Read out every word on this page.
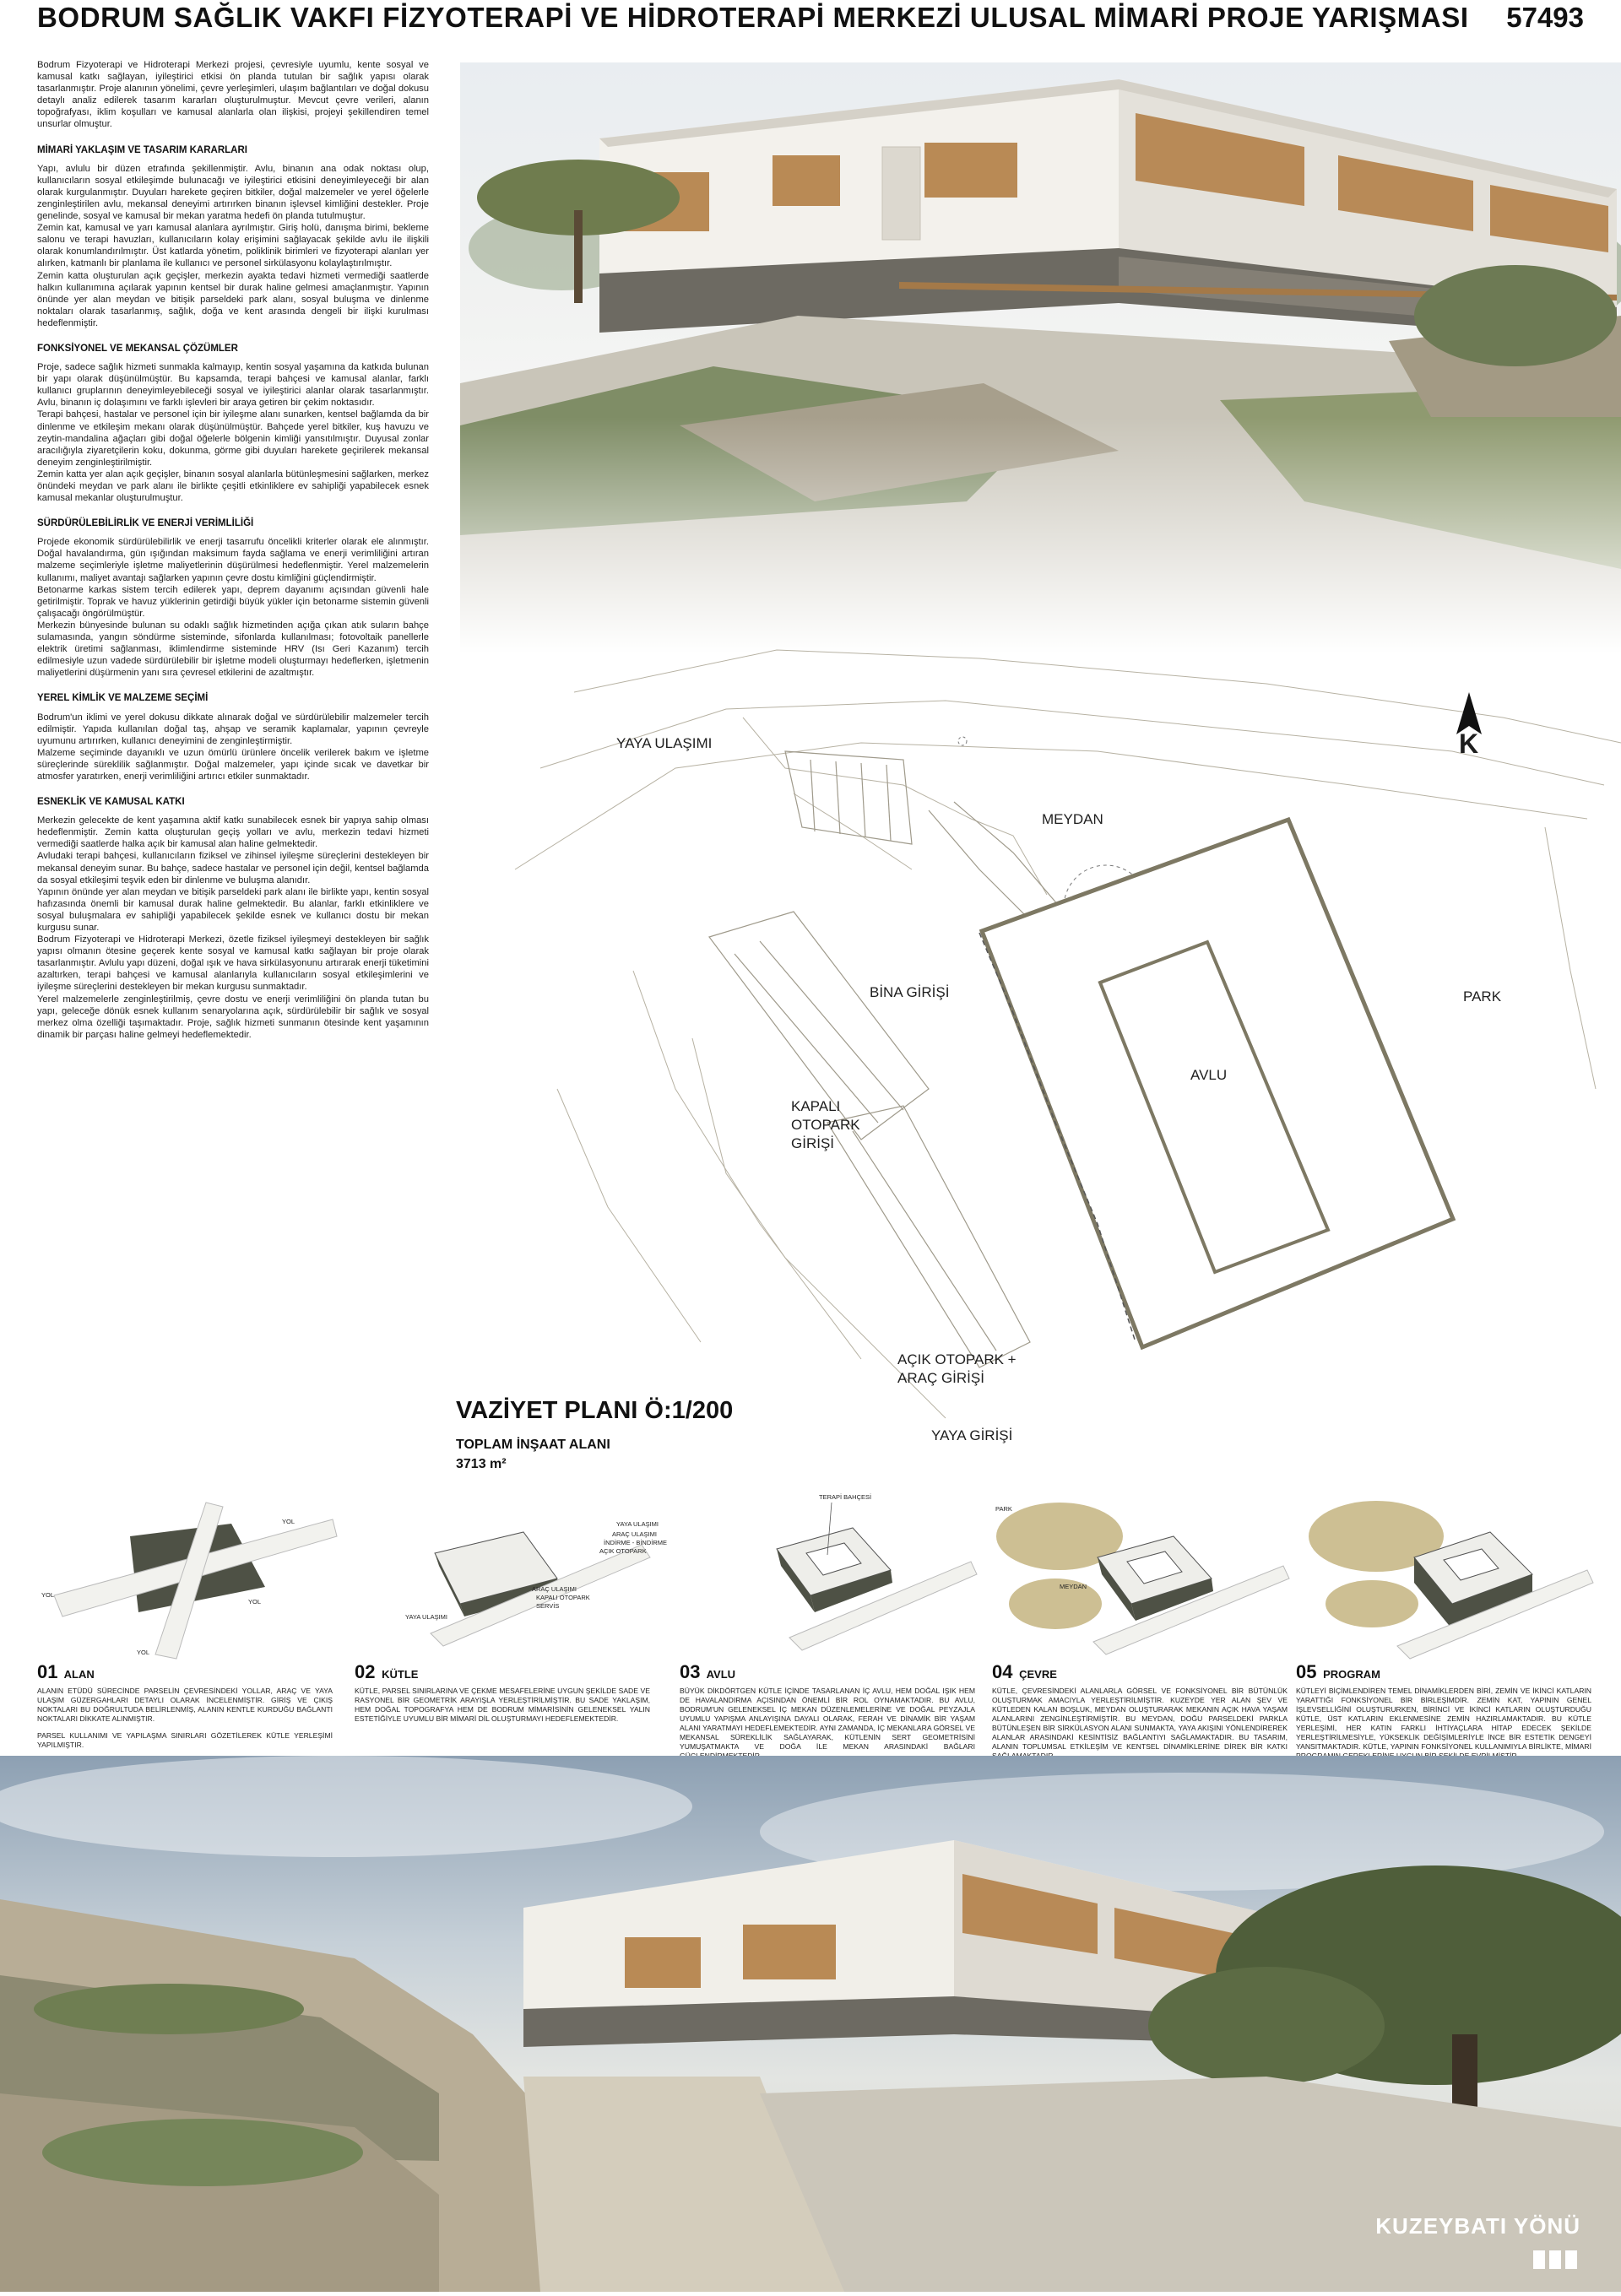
BODRUM SAĞLIK VAKFI FİZYOTERAPİ VE HİDROTERAPİ MERKEZİ ULUSAL MİMARİ PROJE YARIŞMASI 57493

Bodrum Fizyoterapi ve Hidroterapi Merkezi projesi, çevresiyle uyumlu, kente sosyal ve kamusal katkı sağlayan, iyileştirici etkisi ön planda tutulan bir sağlık yapısı olarak tasarlanmıştır. Proje alanının yönelimi, çevre yerleşimleri, ulaşım bağlantıları ve doğal dokusu detaylı analiz edilerek tasarım kararları oluşturulmuştur. Mevcut çevre verileri, alanın topoğrafyası, iklim koşulları ve kamusal alanlarla olan ilişkisi, projeyi şekillendiren temel unsurlar olmuştur.

MİMARİ YAKLAŞIM VE TASARIM KARARLARI

Yapı, avlulu bir düzen etrafında şekillenmiştir. Avlu, binanın ana odak noktası olup, kullanıcıların sosyal etkileşimde bulunacağı ve iyileştirici etkisini deneyimleyeceği bir alan olarak kurgulanmıştır. Duyuları harekete geçiren bitkiler, doğal malzemeler ve yerel öğelerle zenginleştirilen avlu, mekansal deneyimi artırırken binanın işlevsel kimliğini destekler. Proje genelinde, sosyal ve kamusal bir mekan yaratma hedefi ön planda tutulmuştur.

Zemin kat, kamusal ve yarı kamusal alanlara ayrılmıştır. Giriş holü, danışma birimi, bekleme salonu ve terapi havuzları, kullanıcıların kolay erişimini sağlayacak şekilde avlu ile ilişkili olarak konumlandırılmıştır. Üst katlarda yönetim, poliklinik birimleri ve fizyoterapi alanları yer alırken, katmanlı bir planlama ile kullanıcı ve personel sirkülasyonu kolaylaştırılmıştır.

Zemin katta oluşturulan açık geçişler, merkezin ayakta tedavi hizmeti vermediği saatlerde halkın kullanımına açılarak yapının kentsel bir durak haline gelmesi amaçlanmıştır. Yapının önünde yer alan meydan ve bitişik parseldeki park alanı, sosyal buluşma ve dinlenme noktaları olarak tasarlanmış, sağlık, doğa ve kent arasında dengeli bir ilişki kurulması hedeflenmiştir.

FONKSİYONEL VE MEKANSAL ÇÖZÜMLER

Proje, sadece sağlık hizmeti sunmakla kalmayıp, kentin sosyal yaşamına da katkıda bulunan bir yapı olarak düşünülmüştür. Bu kapsamda, terapi bahçesi ve kamusal alanlar, farklı kullanıcı gruplarının deneyimleyebileceği sosyal ve iyileştirici alanlar olarak tasarlanmıştır. Avlu, binanın iç dolaşımını ve farklı işlevleri bir araya getiren bir çekim noktasıdır.

Terapi bahçesi, hastalar ve personel için bir iyileşme alanı sunarken, kentsel bağlamda da bir dinlenme ve etkileşim mekanı olarak düşünülmüştür. Bahçede yerel bitkiler, kuş havuzu ve zeytin-mandalina ağaçları gibi doğal öğelerle bölgenin kimliği yansıtılmıştır. Duyusal zonlar aracılığıyla ziyaretçilerin koku, dokunma, görme gibi duyuları harekete geçirilerek mekansal deneyim zenginleştirilmiştir.

Zemin katta yer alan açık geçişler, binanın sosyal alanlarla bütünleşmesini sağlarken, merkez önündeki meydan ve park alanı ile birlikte çeşitli etkinliklere ev sahipliği yapabilecek esnek kamusal mekanlar oluşturulmuştur.

SÜRDÜRÜLEBİLİRLİK VE ENERJİ VERİMLİLİĞİ

Projede ekonomik sürdürülebilirlik ve enerji tasarrufu öncelikli kriterler olarak ele alınmıştır. Doğal havalandırma, gün ışığından maksimum fayda sağlama ve enerji verimliliğini artıran malzeme seçimleriyle işletme maliyetlerinin düşürülmesi hedeflenmiştir. Yerel malzemelerin kullanımı, maliyet avantajı sağlarken yapının çevre dostu kimliğini güçlendirmiştir.

Betonarme karkas sistem tercih edilerek yapı, deprem dayanımı açısından güvenli hale getirilmiştir. Toprak ve havuz yüklerinin getirdiği büyük yükler için betonarme sistemin güvenli çalışacağı öngörülmüştür.

Merkezin bünyesinde bulunan su odaklı sağlık hizmetinden açığa çıkan atık suların bahçe sulamasında, yangın söndürme sisteminde, sifonlarda kullanılması; fotovoltaik panellerle elektrik üretimi sağlanması, iklimlendirme sisteminde HRV (Isı Geri Kazanım) tercih edilmesiyle uzun vadede sürdürülebilir bir işletme modeli oluşturmayı hedeflerken, işletmenin maliyetlerini düşürmenin yanı sıra çevresel etkilerini de azaltmıştır.

YEREL KİMLİK VE MALZEME SEÇİMİ

Bodrum'un iklimi ve yerel dokusu dikkate alınarak doğal ve sürdürülebilir malzemeler tercih edilmiştir. Yapıda kullanılan doğal taş, ahşap ve seramik kaplamalar, yapının çevreyle uyumunu artırırken, kullanıcı deneyimini de zenginleştirmiştir.

Malzeme seçiminde dayanıklı ve uzun ömürlü ürünlere öncelik verilerek bakım ve işletme süreçlerinde süreklilik sağlanmıştır. Doğal malzemeler, yapı içinde sıcak ve davetkar bir atmosfer yaratırken, enerji verimliliğini artırıcı etkiler sunmaktadır.

ESNEKLİK VE KAMUSAL KATKI

Merkezin gelecekte de kent yaşamına aktif katkı sunabilecek esnek bir yapıya sahip olması hedeflenmiştir. Zemin katta oluşturulan geçiş yolları ve avlu, merkezin tedavi hizmeti vermediği saatlerde halka açık bir kamusal alan haline gelmektedir.

Avludaki terapi bahçesi, kullanıcıların fiziksel ve zihinsel iyileşme süreçlerini destekleyen bir mekansal deneyim sunar. Bu bahçe, sadece hastalar ve personel için değil, kentsel bağlamda da sosyal etkileşimi teşvik eden bir dinlenme ve buluşma alanıdır.

Yapının önünde yer alan meydan ve bitişik parseldeki park alanı ile birlikte yapı, kentin sosyal hafızasında önemli bir kamusal durak haline gelmektedir. Bu alanlar, farklı etkinliklere ve sosyal buluşmalara ev sahipliği yapabilecek şekilde esnek ve kullanıcı dostu bir mekan kurgusu sunar.

Bodrum Fizyoterapi ve Hidroterapi Merkezi, özetle fiziksel iyileşmeyi destekleyen bir sağlık yapısı olmanın ötesine geçerek kente sosyal ve kamusal katkı sağlayan bir proje olarak tasarlanmıştır. Avlulu yapı düzeni, doğal ışık ve hava sirkülasyonunu artırarak enerji tüketimini azaltırken, terapi bahçesi ve kamusal alanlarıyla kullanıcıların sosyal etkileşimlerini ve iyileşme süreçlerini destekleyen bir mekan kurgusu sunmaktadır.

Yerel malzemelerle zenginleştirilmiş, çevre dostu ve enerji verimliliğini ön planda tutan bu yapı, geleceğe dönük esnek kullanım senaryolarına açık, sürdürülebilir bir sağlık ve sosyal merkez olma özelliği taşımaktadır. Proje, sağlık hizmeti sunmanın ötesinde kent yaşamının dinamik bir parçası haline gelmeyi hedeflemektedir.

YAYA ULAŞIMI
MEYDAN
PARK
BİNA GİRİŞİ
AVLU
KAPALI
OTOPARK
GİRİŞİ
AÇIK OTOPARK +
ARAÇ GİRİŞİ
YAYA GİRİŞİ
K
VAZİYET PLANI Ö:1/200
TOPLAM İNŞAAT ALANI
3713 m²
YOL
YOL
YOL
YOL
01 ALAN

ALANIN ETÜDÜ SÜRECİNDE PARSELİN ÇEVRESİNDEKİ YOLLAR, ARAÇ VE YAYA ULAŞIM GÜZERGAHLARI DETAYLI OLARAK İNCELENMİŞTİR. GİRİŞ VE ÇIKIŞ NOKTALARI BU DOĞRULTUDA BELİRLENMİŞ, ALANIN KENTLE KURDUĞU BAĞLANTI NOKTALARI DİKKATE ALINMIŞTIR.

PARSEL KULLANIMI VE YAPILAŞMA SINIRLARI GÖZETİLEREK KÜTLE YERLEŞİMİ YAPILMIŞTIR.

YAYA ULAŞIMI
ARAÇ ULAŞIMI
İNDİRME - BİNDİRME
AÇIK OTOPARK
ARAÇ ULAŞIMI
KAPALI OTOPARK
SERVİS
YAYA ULAŞIMI
02 KÜTLE

KÜTLE, PARSEL SINIRLARINA VE ÇEKME MESAFELERİNE UYGUN ŞEKİLDE SADE VE RASYONEL BİR GEOMETRİK ARAYIŞLA YERLEŞTİRİLMİŞTİR. BU SADE YAKLAŞIM, HEM DOĞAL TOPOGRAFYA HEM DE BODRUM MİMARİSİNİN GELENEKSEL YALIN ESTETİĞİYLE UYUMLU BİR MİMARİ DİL OLUŞTURMAYI HEDEFLEMEKTEDİR.

TERAPİ BAHÇESİ
03 AVLU

BÜYÜK DİKDÖRTGEN KÜTLE İÇİNDE TASARLANAN İÇ AVLU, HEM DOĞAL IŞIK HEM DE HAVALANDIRMA AÇISINDAN ÖNEMLİ BİR ROL OYNAMAKTADIR. BU AVLU, BODRUM'UN GELENEKSEL İÇ MEKAN DÜZENLEMELERİNE VE DOĞAL PEYZAJLA UYUMLU YAPIŞMA ANLAYIŞINA DAYALI OLARAK, FERAH VE DİNAMİK BİR YAŞAM ALANI YARATMAYI HEDEFLEMEKTEDİR. AYNI ZAMANDA, İÇ MEKANLARA GÖRSEL VE MEKANSAL SÜREKLİLİK SAĞLAYARAK, KÜTLENİN SERT GEOMETRİSİNİ YUMUŞATMAKTA VE DOĞA İLE MEKAN ARASINDAKİ BAĞLARI

PARK
MEYDAN
04 ÇEVRE

KÜTLE, ÇEVRESİNDEKİ ALANLARLA GÖRSEL VE FONKSİYONEL BİR BÜTÜNLÜK OLUŞTURMAK AMACIYLA YERLEŞTİRİLMİŞTİR. KUZEYDE YER ALAN ŞEV VE KÜTLEDEN KALAN BOŞLUK, MEYDAN OLUŞTURARAK MEKANIN AÇIK HAVA YAŞAM ALANLARINI ZENGİNLEŞTİRMİŞTİR. BU MEYDAN, DOĞU PARSELDEKİ PARKLA BÜTÜNLEŞEN BİR SİRKÜLASYON ALANI SUNMAKTA, YAYA AKIŞINI YÖNLENDİREREK ALANLAR ARASINDAKİ KESİNTİSİZ BAĞLANTIYI SAĞLAMAKTADIR. BU TASARIM, ALANIN TOPLUMSAL ETKİLEŞİM VE KENTSEL DİNAMİKLERİNE DİREK BİR KATKI

05 PROGRAM

KÜTLEYİ BİÇİMLENDİREN TEMEL DİNAMİKLERDEN BİRİ, ZEMİN VE İKİNCİ KATLARIN YARATTIĞI FONKSİYONEL BİR BİRLEŞİMDİR. ZEMİN KAT, YAPININ GENEL İŞLEVSELLİĞİNİ OLUŞTURURKEN, BİRİNCİ VE İKİNCİ KATLARIN OLUŞTURDUĞU KÜTLE, ÜST KATLARIN EKLENMESİNE ZEMİN HAZIRLAMAKTADIR. BU KÜTLE YERLEŞİMİ, HER KATIN FARKLI İHTİYAÇLARA HİTAP EDECEK ŞEKİLDE YERLEŞTİRİLMESİYLE, YÜKSEKLİK DEĞİŞİMLERİYLE İNCE BİR ESTETİK DENGEYİ YANSITMAKTADIR. KÜTLE, YAPININ FONKSİYONEL KULLANIMIYLA BİRLİKTE, MİMARİ

KUZEYBATI YÖNÜ
